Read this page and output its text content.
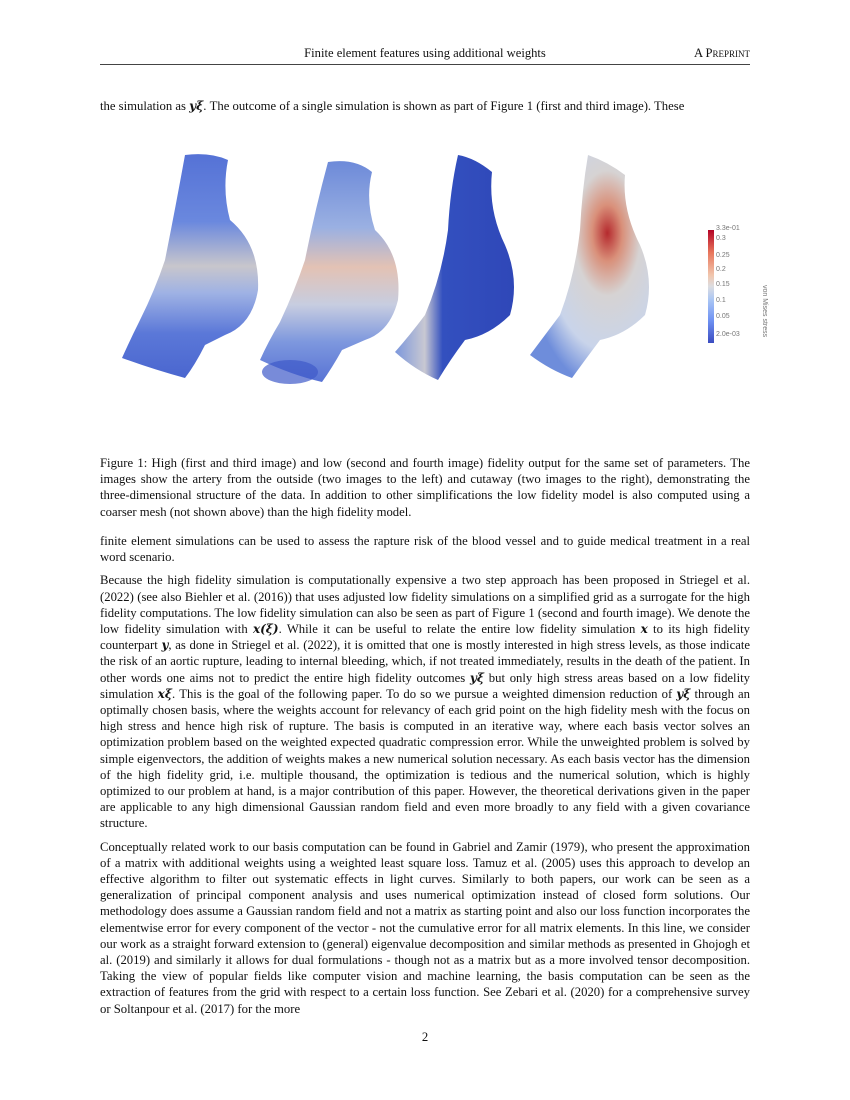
Finite element features using additional weights	A Preprint
the simulation as yξ. The outcome of a single simulation is shown as part of Figure 1 (first and third image). These
3.3e-01
0.3
0.25
0.2
0.15
0.1
0.05
2.0e-03	von Mises stress
Figure 1: High (first and third image) and low (second and fourth image) fidelity output for the same set of parameters. The images show the artery from the outside (two images to the left) and cutaway (two images to the right), demonstrating the three-dimensional structure of the data. In addition to other simplifications the low fidelity model is also computed using a coarser mesh (not shown above) than the high fidelity model.

finite element simulations can be used to assess the rapture risk of the blood vessel and to guide medical treatment in a real word scenario.

Because the high fidelity simulation is computationally expensive a two step approach has been proposed in Striegel et al. (2022) (see also Biehler et al. (2016)) that uses adjusted low fidelity simulations on a simplified grid as a surrogate for the high fidelity computations. The low fidelity simulation can also be seen as part of Figure 1 (second and fourth image). We denote the low fidelity simulation with x(ξ). While it can be useful to relate the entire low fidelity simulation x to its high fidelity counterpart y, as done in Striegel et al. (2022), it is omitted that one is mostly interested in high stress levels, as those indicate the risk of an aortic rupture, leading to internal bleeding, which, if not treated immediately, results in the death of the patient. In other words one aims not to predict the entire high fidelity outcomes yξ but only high stress areas based on a low fidelity simulation xξ. This is the goal of the following paper. To do so we pursue a weighted dimension reduction of yξ through an optimally chosen basis, where the weights account for relevancy of each grid point on the high fidelity mesh with the focus on high stress and hence high risk of rupture. The basis is computed in an iterative way, where each basis vector solves an optimization problem based on the weighted expected quadratic compression error. While the unweighted problem is solved by simple eigenvectors, the addition of weights makes a new numerical solution necessary. As each basis vector has the dimension of the high fidelity grid, i.e. multiple thousand, the optimization is tedious and the numerical solution, which is highly optimized to our problem at hand, is a major contribution of this paper. However, the theoretical derivations given in the paper are applicable to any high dimensional Gaussian random field and even more broadly to any field with a given covariance structure.

Conceptually related work to our basis computation can be found in Gabriel and Zamir (1979), who present the approximation of a matrix with additional weights using a weighted least square loss. Tamuz et al. (2005) uses this approach to develop an effective algorithm to filter out systematic effects in light curves. Similarly to both papers, our work can be seen as a generalization of principal component analysis and uses numerical optimization instead of closed form solutions. Our methodology does assume a Gaussian random field and not a matrix as starting point and also our loss function incorporates the elementwise error for every component of the vector - not the cumulative error for all matrix elements. In this line, we consider our work as a straight forward extension to (general) eigenvalue decomposition and similar methods as presented in Ghojogh et al. (2019) and similarly it allows for dual formulations - though not as a matrix but as a more involved tensor decomposition. Taking the view of popular fields like computer vision and machine learning, the basis computation can be seen as the extraction of features from the grid with respect to a certain loss function. See Zebari et al. (2020) for a comprehensive survey or Soltanpour et al. (2017) for the more

2
